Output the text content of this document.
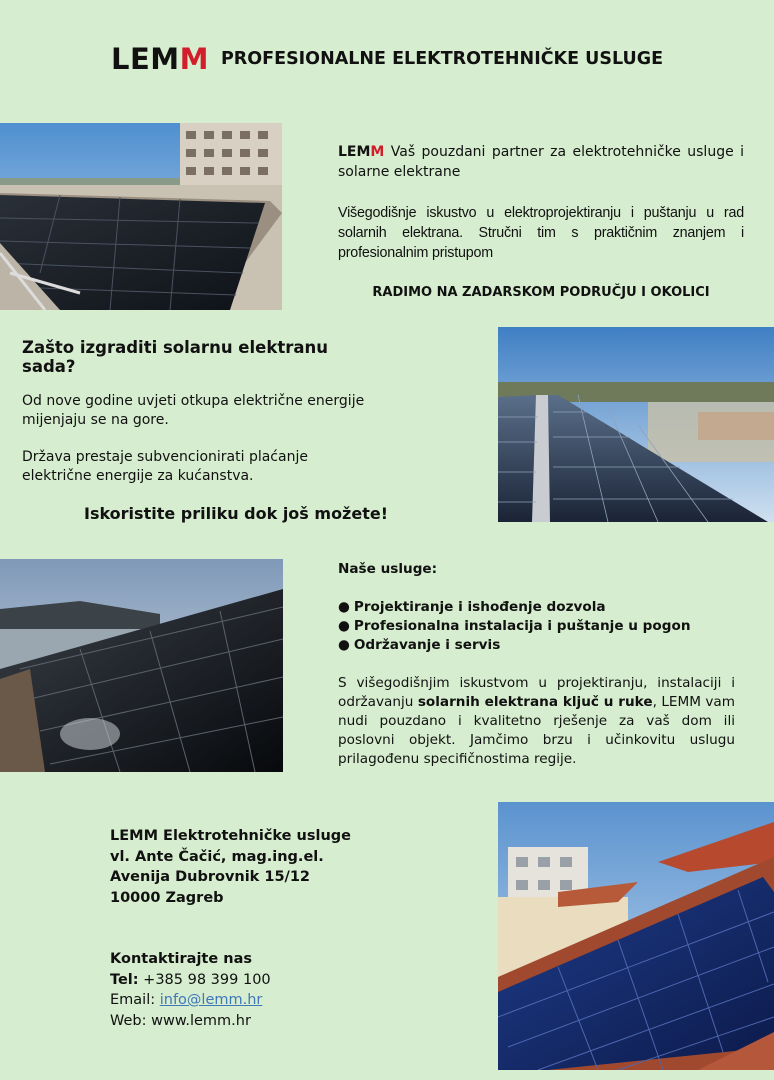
LEMM PROFESIONALNE ELEKTROTEHNIČKE USLUGE

LEMM Vaš pouzdani partner za elektrotehničke usluge i solarne elektrane

Višegodišnje iskustvo u elektroprojektiranju i puštanju u rad solarnih elektrana. Stručni tim s praktičnim znanjem i profesionalnim pristupom

RADIMO NA ZADARSKOM PODRUČJU I OKOLICI

Zašto izgraditi solarnu elektranu sada?

Od nove godine uvjeti otkupa električne energije mijenjaju se na gore.

Država prestaje subvencionirati plaćanje električne energije za kućanstva.

Iskoristite priliku dok još možete!

Naše usluge:

● Projektiranje i ishođenje dozvola
● Profesionalna instalacija i puštanje u pogon
● Održavanje i servis

S višegodišnjim iskustvom u projektiranju, instalaciji i održavanju solarnih elektrana ključ u ruke, LEMM vam nudi pouzdano i kvalitetno rješenje za vaš dom ili poslovni objekt. Jamčimo brzu i učinkovitu uslugu prilagođenu specifičnostima regije.

LEMM Elektrotehničke usluge
vl. Ante Čačić, mag.ing.el.
Avenija Dubrovnik 15/12
10000 Zagreb
Kontaktirajte nas
Tel: +385 98 399 100
Email: info@lemm.hr
Web: www.lemm.hr
